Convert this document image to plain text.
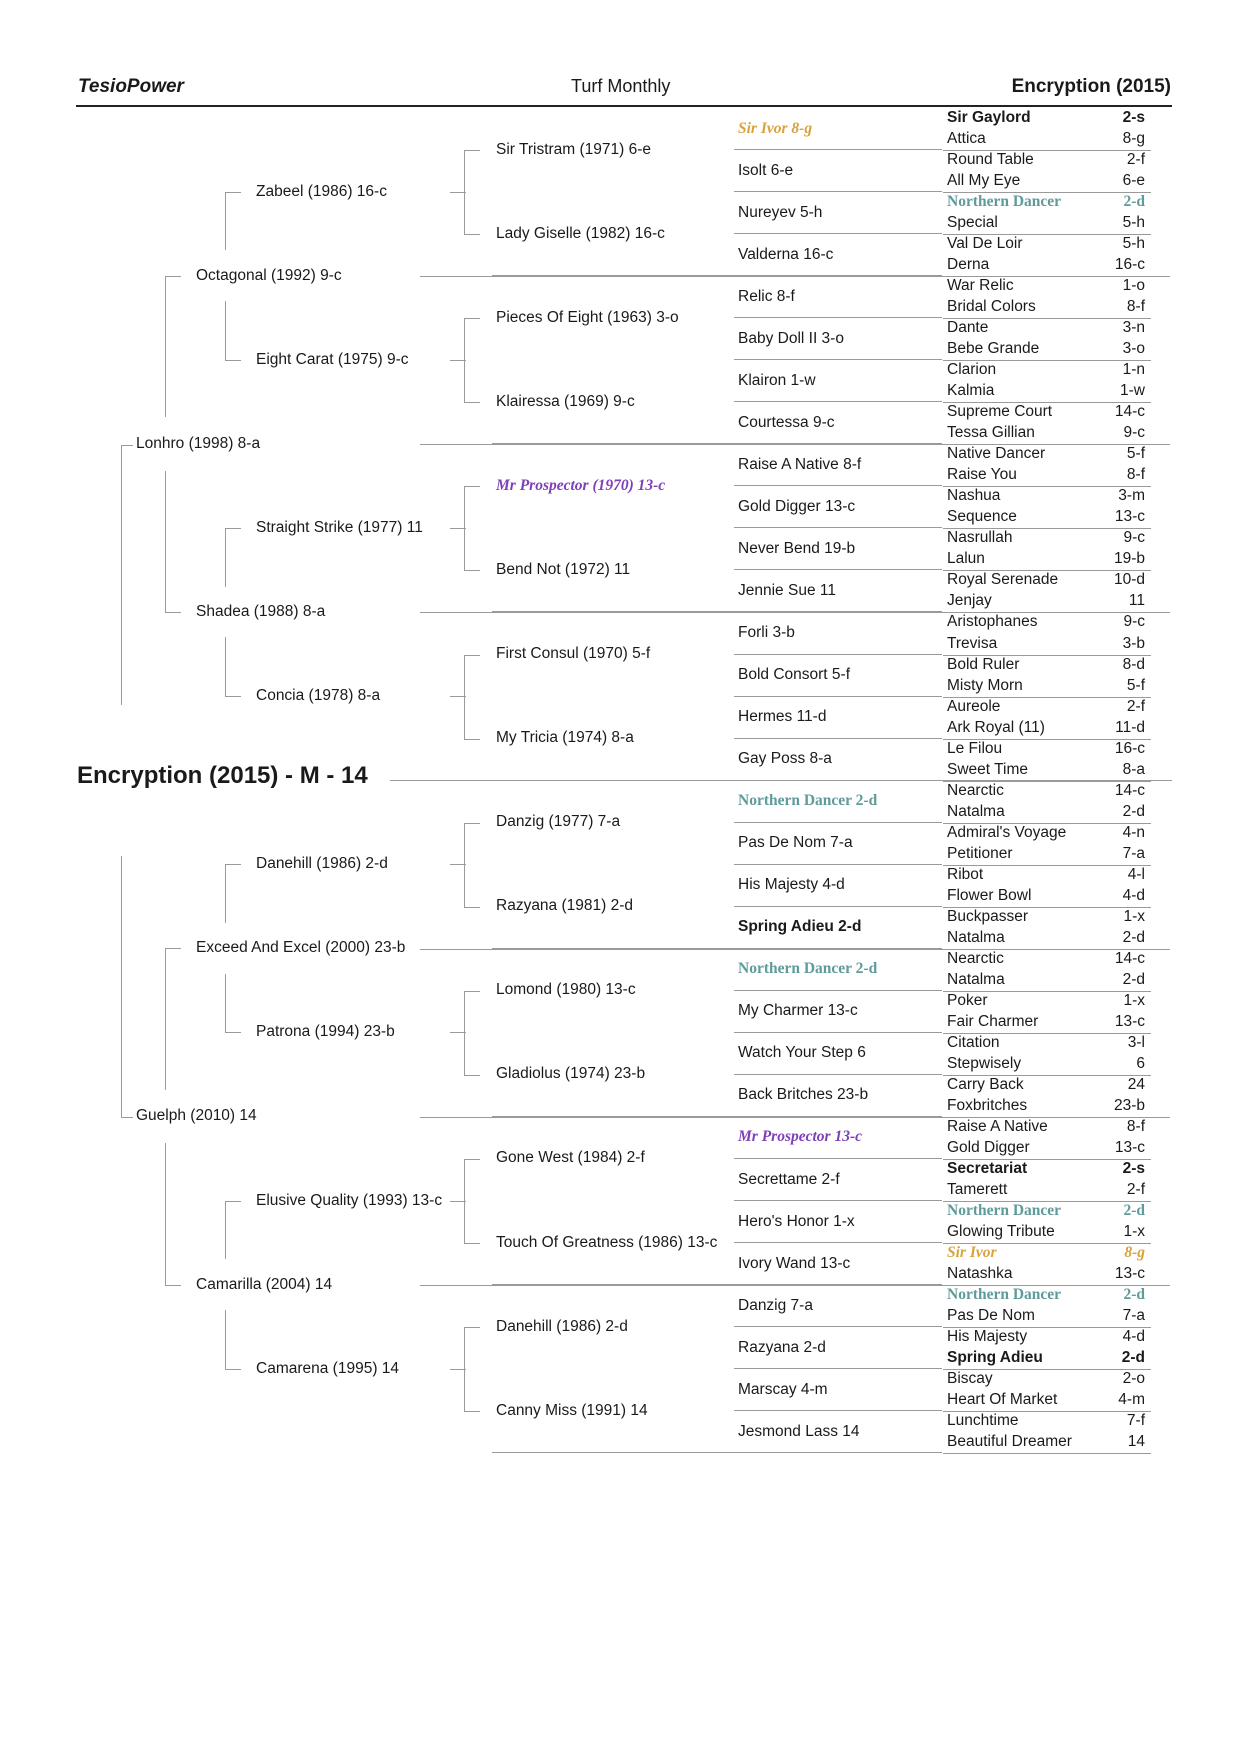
TesioPower	Turf Monthly	Encryption (2015)
Encryption (2015) - M - 14
Sir Gaylord	2-s
Attica	8-g
Round Table	2-f
All My Eye	6-e
Northern Dancer	2-d
Special	5-h
Val De Loir	5-h
Derna	16-c
War Relic	1-o
Bridal Colors	8-f
Dante	3-n
Bebe Grande	3-o
Clarion	1-n
Kalmia	1-w
Supreme Court	14-c
Tessa Gillian	9-c
Native Dancer	5-f
Raise You	8-f
Nashua	3-m
Sequence	13-c
Nasrullah	9-c
Lalun	19-b
Royal Serenade	10-d
Jenjay	11
Aristophanes	9-c
Trevisa	3-b
Bold Ruler	8-d
Misty Morn	5-f
Aureole	2-f
Ark Royal (11)	11-d
Le Filou	16-c
Sweet Time	8-a
Nearctic	14-c
Natalma	2-d
Admiral's Voyage	4-n
Petitioner	7-a
Ribot	4-l
Flower Bowl	4-d
Buckpasser	1-x
Natalma	2-d
Nearctic	14-c
Natalma	2-d
Poker	1-x
Fair Charmer	13-c
Citation	3-l
Stepwisely	6
Carry Back	24
Foxbritches	23-b
Raise A Native	8-f
Gold Digger	13-c
Secretariat	2-s
Tamerett	2-f
Northern Dancer	2-d
Glowing Tribute	1-x
Sir Ivor	8-g
Natashka	13-c
Northern Dancer	2-d
Pas De Nom	7-a
His Majesty	4-d
Spring Adieu	2-d
Biscay	2-o
Heart Of Market	4-m
Lunchtime	7-f
Beautiful Dreamer	14
Sir Ivor 8-g
Isolt 6-e
Nureyev 5-h
Valderna 16-c
Relic 8-f
Baby Doll II 3-o
Klairon 1-w
Courtessa 9-c
Raise A Native 8-f
Gold Digger 13-c
Never Bend 19-b
Jennie Sue 11
Forli 3-b
Bold Consort 5-f
Hermes 11-d
Gay Poss 8-a
Northern Dancer 2-d
Pas De Nom 7-a
His Majesty 4-d
Spring Adieu 2-d
Northern Dancer 2-d
My Charmer 13-c
Watch Your Step 6
Back Britches 23-b
Mr Prospector 13-c
Secrettame 2-f
Hero's Honor 1-x
Ivory Wand 13-c
Danzig 7-a
Razyana 2-d
Marscay 4-m
Jesmond Lass 14
Sir Tristram (1971) 6-e
Lady Giselle (1982) 16-c
Pieces Of Eight (1963) 3-o
Klairessa (1969) 9-c
Mr Prospector (1970) 13-c
Bend Not (1972) 11
First Consul (1970) 5-f
My Tricia (1974) 8-a
Danzig (1977) 7-a
Razyana (1981) 2-d
Lomond (1980) 13-c
Gladiolus (1974) 23-b
Gone West (1984) 2-f
Touch Of Greatness (1986) 13-c
Danehill (1986) 2-d
Canny Miss (1991) 14
Zabeel (1986) 16-c
Eight Carat (1975) 9-c
Straight Strike (1977) 11
Concia (1978) 8-a
Danehill (1986) 2-d
Patrona (1994) 23-b
Elusive Quality (1993) 13-c
Camarena (1995) 14
Octagonal (1992) 9-c
Shadea (1988) 8-a
Exceed And Excel (2000) 23-b
Camarilla (2004) 14
Lonhro (1998) 8-a
Guelph (2010) 14
